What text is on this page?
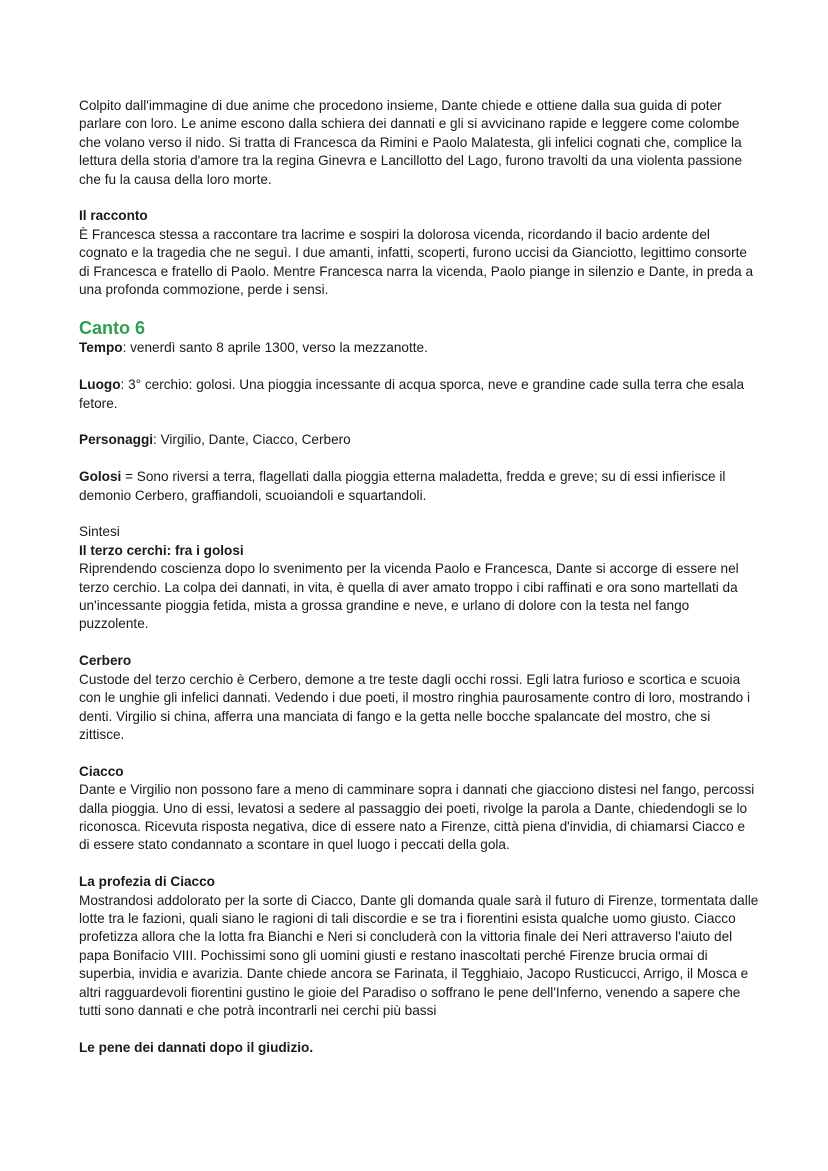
Colpito dall'immagine di due anime che procedono insieme, Dante chiede e ottiene dalla sua guida di poter parlare con loro. Le anime escono dalla schiera dei dannati e gli si avvicinano rapide e leggere come colombe che volano verso il nido. Si tratta di Francesca da Rimini e Paolo Malatesta, gli infelici cognati che, complice la lettura della storia d'amore tra la regina Ginevra e Lancillotto del Lago, furono travolti da una violenta passione che fu la causa della loro morte.

Il racconto

È Francesca stessa a raccontare tra lacrime e sospiri la dolorosa vicenda, ricordando il bacio ardente del cognato e la tragedia che ne seguì. I due amanti, infatti, scoperti, furono uccisi da Gianciotto, legittimo consorte di Francesca e fratello di Paolo. Mentre Francesca narra la vicenda, Paolo piange in silenzio e Dante, in preda a una profonda commozione, perde i sensi.

Canto 6

Tempo: venerdì santo 8 aprile 1300, verso la mezzanotte.

Luogo: 3° cerchio: golosi. Una pioggia incessante di acqua sporca, neve e grandine cade sulla terra che esala fetore.

Personaggi: Virgilio, Dante, Ciacco, Cerbero

Golosi = Sono riversi a terra, flagellati dalla pioggia etterna maladetta, fredda e greve; su di essi infierisce il demonio Cerbero, graffiandoli, scuoiandoli e squartandoli.

Sintesi

Il terzo cerchi: fra i golosi

Riprendendo coscienza dopo lo svenimento per la vicenda Paolo e Francesca, Dante si accorge di essere nel terzo cerchio. La colpa dei dannati, in vita, è quella di aver amato troppo i cibi raffinati e ora sono martellati da un'incessante pioggia fetida, mista a grossa grandine e neve, e urlano di dolore con la testa nel fango puzzolente.

Cerbero

Custode del terzo cerchio è Cerbero, demone a tre teste dagli occhi rossi. Egli latra furioso e scortica e scuoia con le unghie gli infelici dannati. Vedendo i due poeti, il mostro ringhia paurosamente contro di loro, mostrando i denti. Virgilio si china, afferra una manciata di fango e la getta nelle bocche spalancate del mostro, che si zittisce.

Ciacco

Dante e Virgilio non possono fare a meno di camminare sopra i dannati che giacciono distesi nel fango, percossi dalla pioggia. Uno di essi, levatosi a sedere al passaggio dei poeti, rivolge la parola a Dante, chiedendogli se lo riconosca. Ricevuta risposta negativa, dice di essere nato a Firenze, città piena d'invidia, di chiamarsi Ciacco e di essere stato condannato a scontare in quel luogo i peccati della gola.

La profezia di Ciacco

Mostrandosi addolorato per la sorte di Ciacco, Dante gli domanda quale sarà il futuro di Firenze, tormentata dalle lotte tra le fazioni, quali siano le ragioni di tali discordie e se tra i fiorentini esista qualche uomo giusto. Ciacco profetizza allora che la lotta fra Bianchi e Neri si concluderà con la vittoria finale dei Neri attraverso l'aiuto del papa Bonifacio VIII. Pochissimi sono gli uomini giusti e restano inascoltati perché Firenze brucia ormai di superbia, invidia e avarizia. Dante chiede ancora se Farinata, il Tegghiaio, Jacopo Rusticucci, Arrigo, il Mosca e altri ragguardevoli fiorentini gustino le gioie del Paradiso o soffrano le pene dell'Inferno, venendo a sapere che tutti sono dannati e che potrà incontrarli nei cerchi più bassi

Le pene dei dannati dopo il giudizio.
